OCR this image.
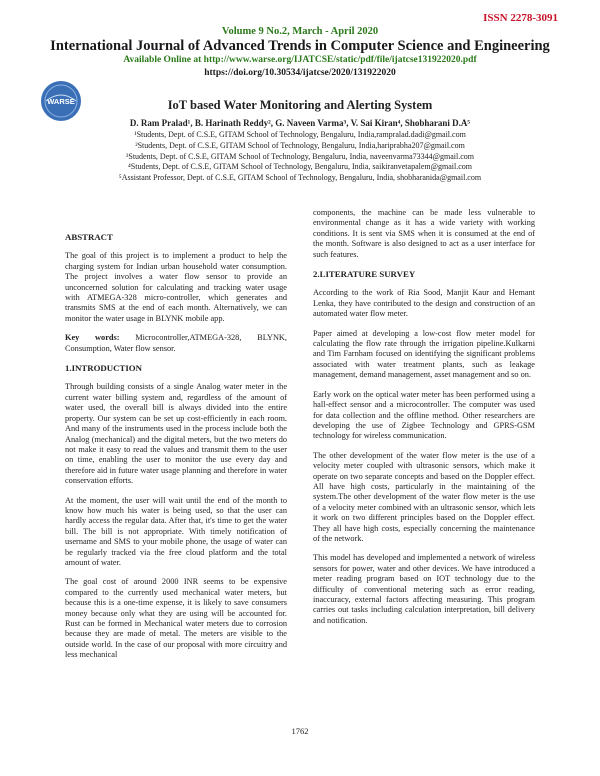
ISSN 2278-3091
Volume 9 No.2, March - April 2020
International Journal of Advanced Trends in Computer Science and Engineering
Available Online at http://www.warse.org/IJATCSE/static/pdf/file/ijatcse131922020.pdf
https://doi.org/10.30534/ijatcse/2020/131922020
WARSE	IoT based Water Monitoring and Alerting System
D. Ram Pralad¹, B. Harinath Reddy², G. Naveen Varma³, V. Sai Kiran⁴, Shobharani D.A⁵
¹Students, Dept. of C.S.E, GITAM School of Technology, Bengaluru, India,rampralad.dadi@gmail.com
²Students, Dept. of C.S.E, GITAM School of Technology, Bengaluru, India,hariprabha207@gmail.com
³Students, Dept. of C.S.E, GITAM School of Technology, Bengaluru, India, naveenvarma73344@gmail.com
⁴Students, Dept. of C.S.E, GITAM School of Technology, Bengaluru, India, saikiranvetapalem@gmail.com
⁵Assistant Professor, Dept. of C.S.E, GITAM School of Technology, Bengaluru, India, shobharanida@gmail.com
ABSTRACT

The goal of this project is to implement a product to help the charging system for Indian urban household water consumption. The project involves a water flow sensor to provide an unconcerned solution for calculating and tracking water usage with ATMEGA-328 micro-controller, which generates and transmits SMS at the end of each month. Alternatively, we can monitor the water usage in BLYNK mobile app.

Key words: Microcontroller,ATMEGA-328, BLYNK, Consumption, Water flow sensor.

1.INTRODUCTION

Through building consists of a single Analog water meter in the current water billing system and, regardless of the amount of water used, the overall bill is always divided into the entire property. Our system can be set up cost-efficiently in each room. And many of the instruments used in the process include both the Analog (mechanical) and the digital meters, but the two meters do not make it easy to read the values and transmit them to the user on time, enabling the user to monitor the use every day and therefore aid in future water usage planning and therefore in water conservation efforts.

At the moment, the user will wait until the end of the month to know how much his water is being used, so that the user can hardly access the regular data. After that, it's time to get the water bill. The bill is not appropriate. With timely notification of username and SMS to your mobile phone, the usage of water can be regularly tracked via the free cloud platform and the total amount of water.

The goal cost of around 2000 INR seems to be expensive compared to the currently used mechanical water meters, but because this is a one-time expense, it is likely to save consumers money because only what they are using will be accounted for. Rust can be formed in Mechanical water meters due to corrosion because they are made of metal. The meters are visible to the outside world. In the case of our proposal with more circuitry and less mechanical

components, the machine can be made less vulnerable to environmental change as it has a wide variety with working conditions. It is sent via SMS when it is consumed at the end of the month. Software is also designed to act as a user interface for such features.

2.LITERATURE SURVEY

According to the work of Ria Sood, Manjit Kaur and Hemant Lenka, they have contributed to the design and construction of an automated water flow meter.

Paper aimed at developing a low-cost flow meter model for calculating the flow rate through the irrigation pipeline.Kulkarni and Tim Farnham focused on identifying the significant problems associated with water treatment plants, such as leakage management, demand management, asset management and so on.

Early work on the optical water meter has been performed using a hall-effect sensor and a microcontroller. The computer was used for data collection and the offline method. Other researchers are developing the use of Zigbee Technology and GPRS-GSM technology for wireless communication.

The other development of the water flow meter is the use of a velocity meter coupled with ultrasonic sensors, which make it operate on two separate concepts and based on the Doppler effect. All have high costs, particularly in the maintaining of the system.The other development of the water flow meter is the use of a velocity meter combined with an ultrasonic sensor, which lets it work on two different principles based on the Doppler effect. They all have high costs, especially concerning the maintenance of the network.

This model has developed and implemented a network of wireless sensors for power, water and other devices. We have introduced a meter reading program based on IOT technology due to the difficulty of conventional metering such as error reading, inaccuracy, external factors affecting measuring. This program carries out tasks including calculation interpretation, bill delivery and notification.

1762
